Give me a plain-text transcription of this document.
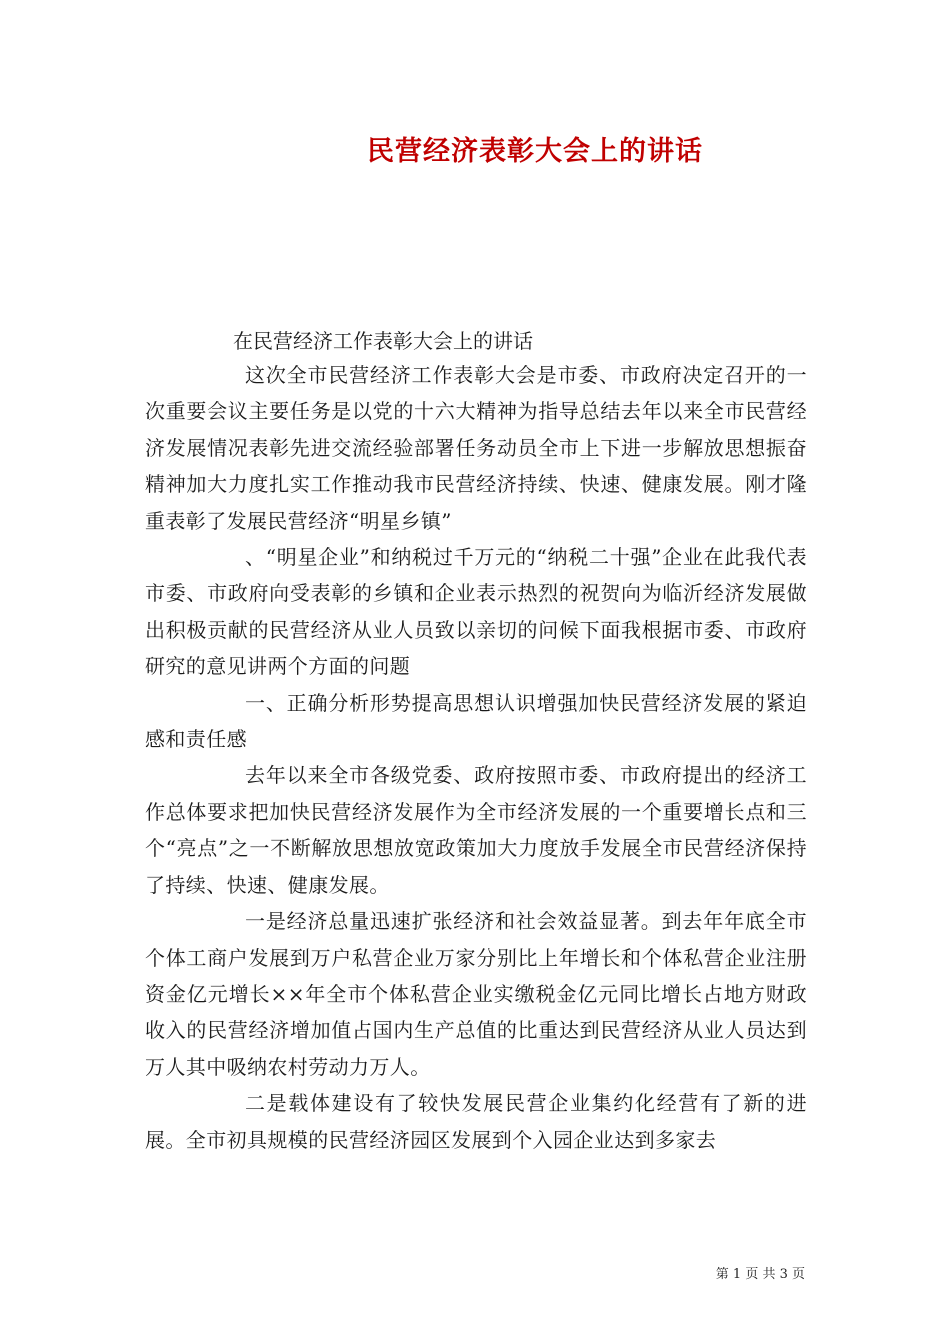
民营经济表彰大会上的讲话

在民营经济工作表彰大会上的讲话

这次全市民营经济工作表彰大会是市委、市政府决定召开的一次重要会议主要任务是以党的十六大精神为指导总结去年以来全市民营经济发展情况表彰先进交流经验部署任务动员全市上下进一步解放思想振奋精神加大力度扎实工作推动我市民营经济持续、快速、健康发展。刚才隆重表彰了发展民营经济“明星乡镇”

、“明星企业”和纳税过千万元的“纳税二十强”企业在此我代表市委、市政府向受表彰的乡镇和企业表示热烈的祝贺向为临沂经济发展做出积极贡献的民营经济从业人员致以亲切的问候下面我根据市委、市政府研究的意见讲两个方面的问题

一、正确分析形势提高思想认识增强加快民营经济发展的紧迫感和责任感

去年以来全市各级党委、政府按照市委、市政府提出的经济工作总体要求把加快民营经济发展作为全市经济发展的一个重要增长点和三个“亮点”之一不断解放思想放宽政策加大力度放手发展全市民营经济保持了持续、快速、健康发展。

一是经济总量迅速扩张经济和社会效益显著。到去年年底全市个体工商户发展到万户私营企业万家分别比上年增长和个体私营企业注册资金亿元增长××年全市个体私营企业实缴税金亿元同比增长占地方财政收入的民营经济增加值占国内生产总值的比重达到民营经济从业人员达到万人其中吸纳农村劳动力万人。

二是载体建设有了较快发展民营企业集约化经营有了新的进展。全市初具规模的民营经济园区发展到个入园企业达到多家去

第 1 页 共 3 页
